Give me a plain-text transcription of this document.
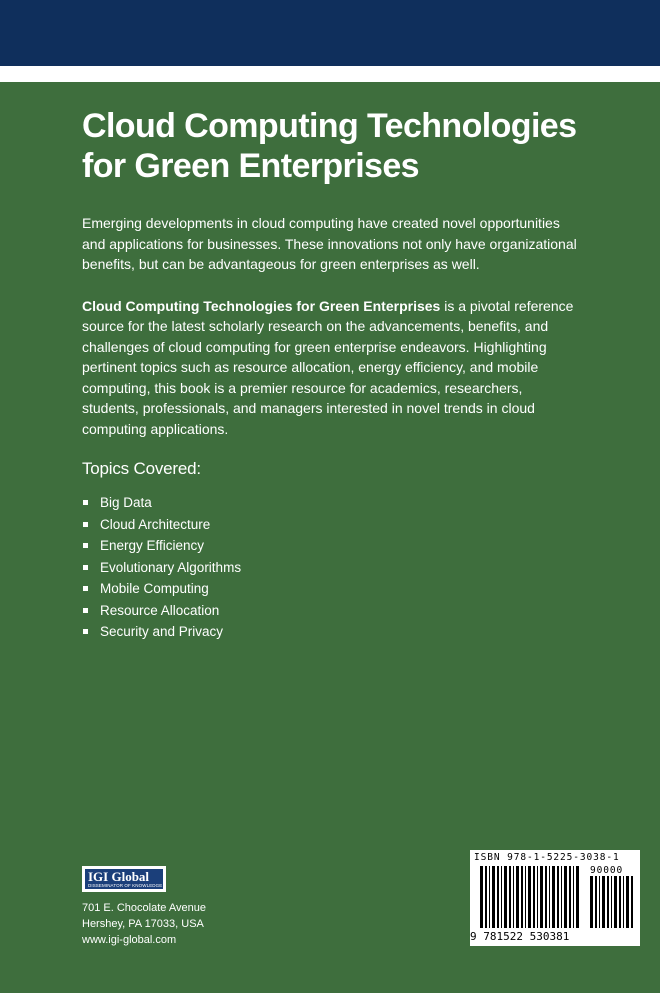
Cloud Computing Technologies
for Green Enterprises

Emerging developments in cloud computing have created novel opportunities and applications for businesses. These innovations not only have organizational benefits, but can be advantageous for green enterprises as well.

Cloud Computing Technologies for Green Enterprises is a pivotal reference source for the latest scholarly research on the advancements, benefits, and challenges of cloud computing for green enterprise endeavors. Highlighting pertinent topics such as resource allocation, energy efficiency, and mobile computing, this book is a premier resource for academics, researchers, students, professionals, and managers interested in novel trends in cloud computing applications.

Topics Covered:
Big Data
Cloud Architecture
Energy Efficiency
Evolutionary Algorithms
Mobile Computing
Resource Allocation
Security and Privacy
IGI Global
DISSEMINATOR OF KNOWLEDGE
701 E. Chocolate Avenue
Hershey, PA 17033, USA
www.igi-global.com
ISBN 978-1-5225-3038-1
90000
9 781522 530381
